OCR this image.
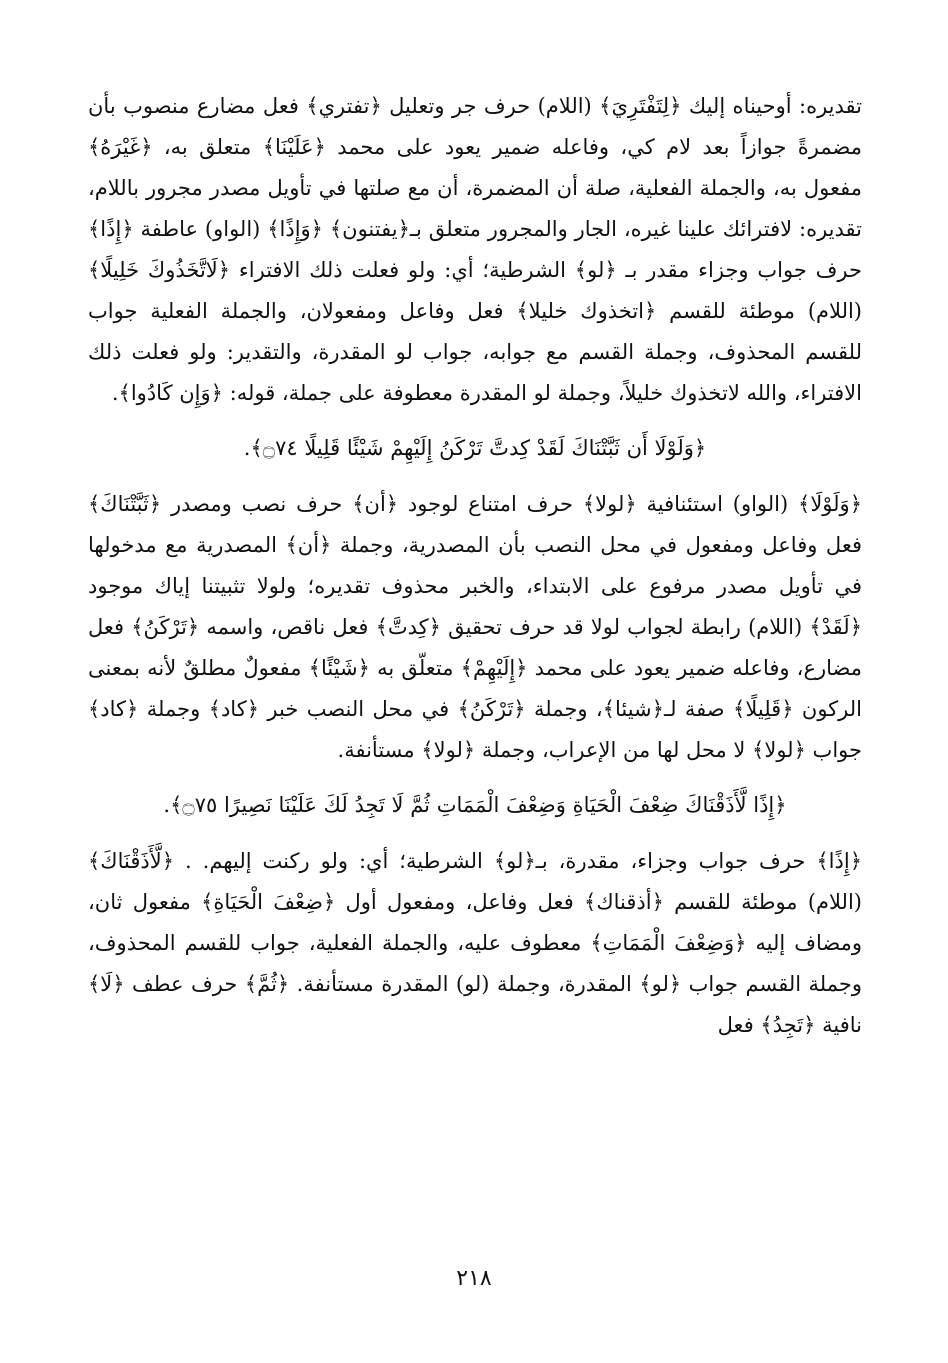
تقديره: أوحيناه إليك ﴿لِتَفْتَرِيَ﴾ (اللام) حرف جر وتعليل ﴿تفتري﴾ فعل مضارع منصوب بأن مضمرةً جوازاً بعد لام كي، وفاعله ضمير يعود على محمد ﴿عَلَيْنَا﴾ متعلق به، ﴿غَيْرَهُ﴾ مفعول به، والجملة الفعلية، صلة أن المضمرة، أن مع صلتها في تأويل مصدر مجرور باللام، تقديره: لافترائك علينا غيره، الجار والمجرور متعلق بـ﴿يفتنون﴾ ﴿وَإِذًا﴾ (الواو) عاطفة ﴿إِذًا﴾ حرف جواب وجزاء مقدر بـ ﴿لو﴾ الشرطية؛ أي: ولو فعلت ذلك الافتراء ﴿لَاتَّخَذُوكَ خَلِيلًا﴾ (اللام) موطئة للقسم ﴿اتخذوك خليلا﴾ فعل وفاعل ومفعولان، والجملة الفعلية جواب للقسم المحذوف، وجملة القسم مع جوابه، جواب لو المقدرة، والتقدير: ولو فعلت ذلك الافتراء، والله لاتخذوك خليلاً، وجملة لو المقدرة معطوفة على جملة، قوله: ﴿وَإِن كَادُوا﴾.

﴿وَلَوْلَا أَن ثَبَّتْنَاكَ لَقَدْ كِدتَّ تَرْكَنُ إِلَيْهِمْ شَيْئًا قَلِيلًا ۝٧٤﴾.

﴿وَلَوْلَا﴾ (الواو) استئنافية ﴿لولا﴾ حرف امتناع لوجود ﴿أن﴾ حرف نصب ومصدر ﴿ثَبَّتْنَاكَ﴾ فعل وفاعل ومفعول في محل النصب بأن المصدرية، وجملة ﴿أن﴾ المصدرية مع مدخولها في تأويل مصدر مرفوع على الابتداء، والخبر محذوف تقديره؛ ولولا تثبيتنا إياك موجود ﴿لَقَدْ﴾ (اللام) رابطة لجواب لولا قد حرف تحقيق ﴿كِدتَّ﴾ فعل ناقص، واسمه ﴿تَرْكَنُ﴾ فعل مضارع، وفاعله ضمير يعود على محمد ﴿إِلَيْهِمْ﴾ متعلّق به ﴿شَيْئًا﴾ مفعولٌ مطلقٌ لأنه بمعنى الركون ﴿قَلِيلًا﴾ صفة لـ﴿شيئا﴾، وجملة ﴿تَرْكَنُ﴾ في محل النصب خبر ﴿كاد﴾ وجملة ﴿كاد﴾ جواب ﴿لولا﴾ لا محل لها من الإعراب، وجملة ﴿لولا﴾ مستأنفة.

﴿إِذًا لَّأَذَقْنَاكَ ضِعْفَ الْحَيَاةِ وَضِعْفَ الْمَمَاتِ ثُمَّ لَا تَجِدُ لَكَ عَلَيْنَا نَصِيرًا ۝٧٥﴾.

﴿إِذًا﴾ حرف جواب وجزاء، مقدرة، بـ﴿لو﴾ الشرطية؛ أي: ولو ركنت إليهم. . ﴿لَّأَذَقْنَاكَ﴾ (اللام) موطئة للقسم ﴿أذقناك﴾ فعل وفاعل، ومفعول أول ﴿ضِعْفَ الْحَيَاةِ﴾ مفعول ثان، ومضاف إليه ﴿وَضِعْفَ الْمَمَاتِ﴾ معطوف عليه، والجملة الفعلية، جواب للقسم المحذوف، وجملة القسم جواب ﴿لو﴾ المقدرة، وجملة (لو) المقدرة مستأنفة. ﴿ثُمَّ﴾ حرف عطف ﴿لَا﴾ نافية ﴿تَجِدُ﴾ فعل

٢١٨
